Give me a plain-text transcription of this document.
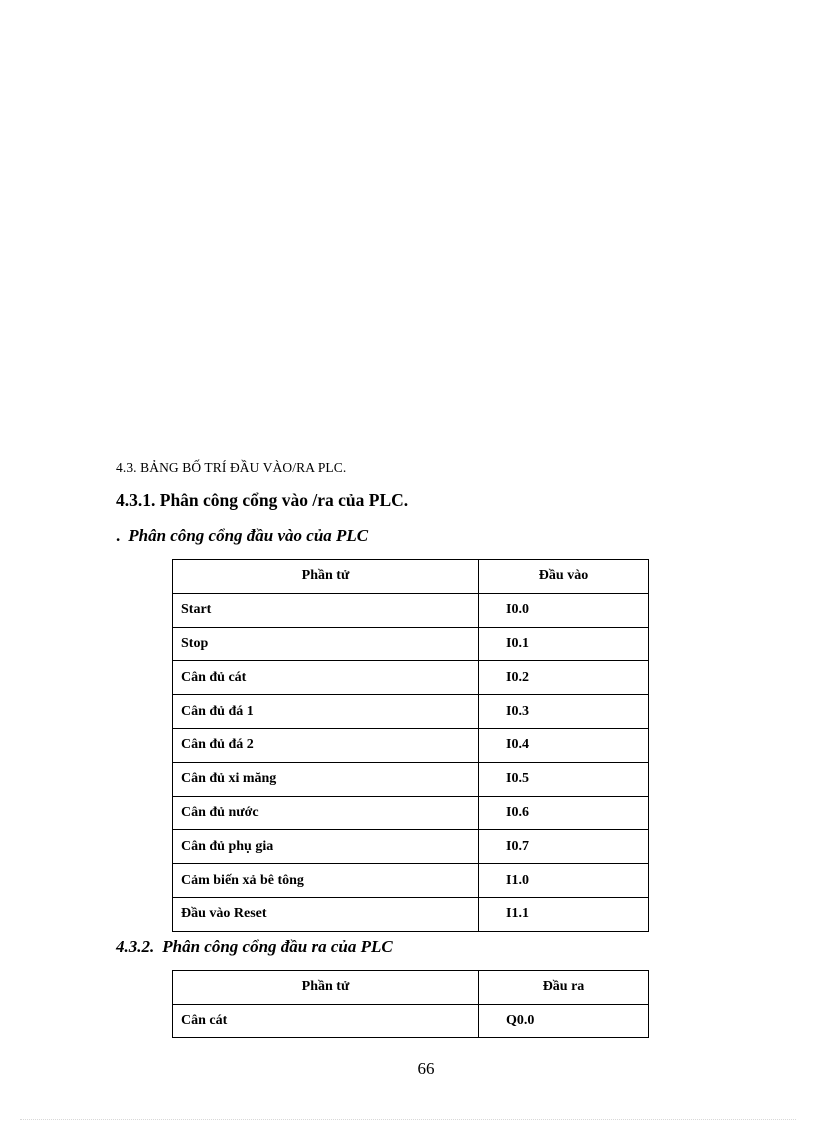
4.3. BẢNG BỐ TRÍ ĐẦU VÀO/RA PLC.
4.3.1. Phân công cổng vào /ra của PLC.
. Phân công cổng đầu vào của PLC
Phần tử	Đầu vào
Start	I0.0
Stop	I0.1
Cân đủ cát	I0.2
Cân đủ đá 1	I0.3
Cân đủ đá 2	I0.4
Cân đủ xi măng	I0.5
Cân đủ nước	I0.6
Cân đủ phụ gia	I0.7
Cảm biến xả bê tông	I1.0
Đầu vào Reset	I1.1
4.3.2. Phân công cổng đầu ra của PLC
Phần tử	Đầu ra
Cân cát	Q0.0
66
